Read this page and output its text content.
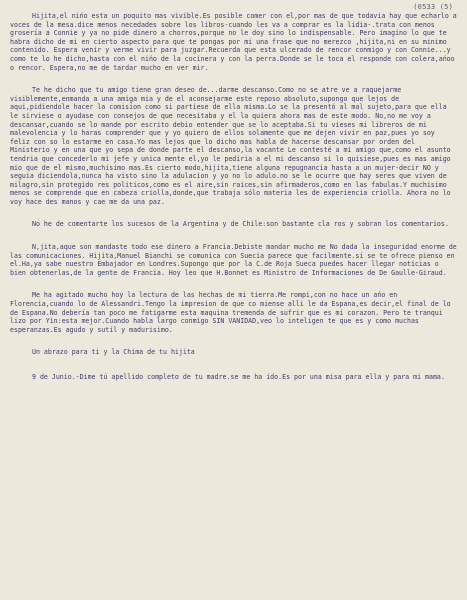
(0533 (5)

Hijita,el nińo esta un poquito mas vivible.Es posible comer con el,por mas de que todavia hay que echarlo a voces de la mesa.dice menos necedades sobre los libros-cuando les va a comprar es la lidia-.trata con menos grosería a Connie y ya no pide dinero a chorros,porque no le doy sino lo indispensable. Pero imagino lo que te habra dicho de mi en cierto aspecto para que te pongas por mi una frase que no merezco ,hijita,ni en su minimo contenido. Espera venir y verme vivir para juzgar.Recuerda que esta ulcerado de rencor conmigo y con Connie...y como te lo he dicho,hasta con el nińo de la cocinera y con la perra.Donde se le toca el responde con colera,ańoo o rencor. Espera,no me de tardar mucho en ver mir.

Te he dicho que tu amigo tiene gran deseo de...darme descanso.Como no se atre ve a raquejarme visiblemente,enmanda a una amiga mia y de el aconsejarme este reposo absoluto,supongo que lejos de aqui,pidiendole hacer la comision como si partiese de ella misma.Lo se la presentó al mal sujeto,para que ella le sirviese o ayudase con consejos de que necesitaba y el la quiera ahora mas de este modo. No,no me voy a descansar,cuando se lo mande por escrito debio entender que se lo aceptaba.Si tu vieses mi libreros de mi malevolencia y lo haras comprender que y yo quiero de ellos solamente que me dejen vivir en paz,pues yo soy feliz con so lo estarme en casa.Yo mas lejos que lo dicho mas habla de hacerse descansar por orden del Ministerio y en una que yo sepa de donde parte el descanso,la vacante Le contesté a mi amigo que,como el asunto tendria que concederlo mi jefe y unica mente el,yo le pediria a el mi descanso si lo quisiese,pues es mas amigo mio que de el mismo,muchisimo mas.Es cierto modo,hijita,tiene alguna repugnancia hasta a un mujer-decir NO y seguia diciendola,nunca ha visto sino la adulacion y yo no lo adulo.no se le ocurre que hay seres que viven de milagro,sin protegido res politicos,como es el aire,sin raices,sin afirmaderos,como en las fabulas.Y muchisimo menos se comprende que en cabeza criolla,donde,que trabaja sólo materia les de experiencia criolla. Ahora no lo voy hace des manos y cae me da una paz.

No he de comentarte los sucesos de la Argentina y de Chile:son bastante cla ros y sobran los comentarios.

N,jita,aque son mandaste todo ese dinero a Francia.Debiste mandar mucho me No dada la inseguridad enorme de las comunicaciones. Hijita,Manuel Bianchi se comunica con Suecia parece que facilmente.si se te ofrece pienso en el.Ha,ya sabe nuestro Embajador en Londres.Supongo que por la C.de Roja Sueca puedes hacer llegar noticias o bien obtenerlas,de la gente de Francia. Hoy leo que H.Bonnet es Ministro de Informaciones de De Gaulle-Giraud.

Me ha agitado mucho hoy la lectura de las hechas de mi tierra.Me rompi,con no hace un ańo en Florencia,cuando lo de Alessandri.Tengo la impresion de que co miense alli le da Espana,es decir,el final de lo de Espana.No debería tan poco me fatigarme esta maquina tremenda de sufrir que es mi corazon. Pero te tranqui lizo por Yin:esta mejor.Cuando habla largo conmigo SIN VANIDAD,veo lo inteligen te que es y como muchas esperanzas.Es agudo y sutil y madurisimo.

Un abrazo para ti y la Chima de tu hijita

9 de Junio.-Dime tú apellido completo de tu madre.se me ha ido.Es por una misa para ella y para mi mama.
